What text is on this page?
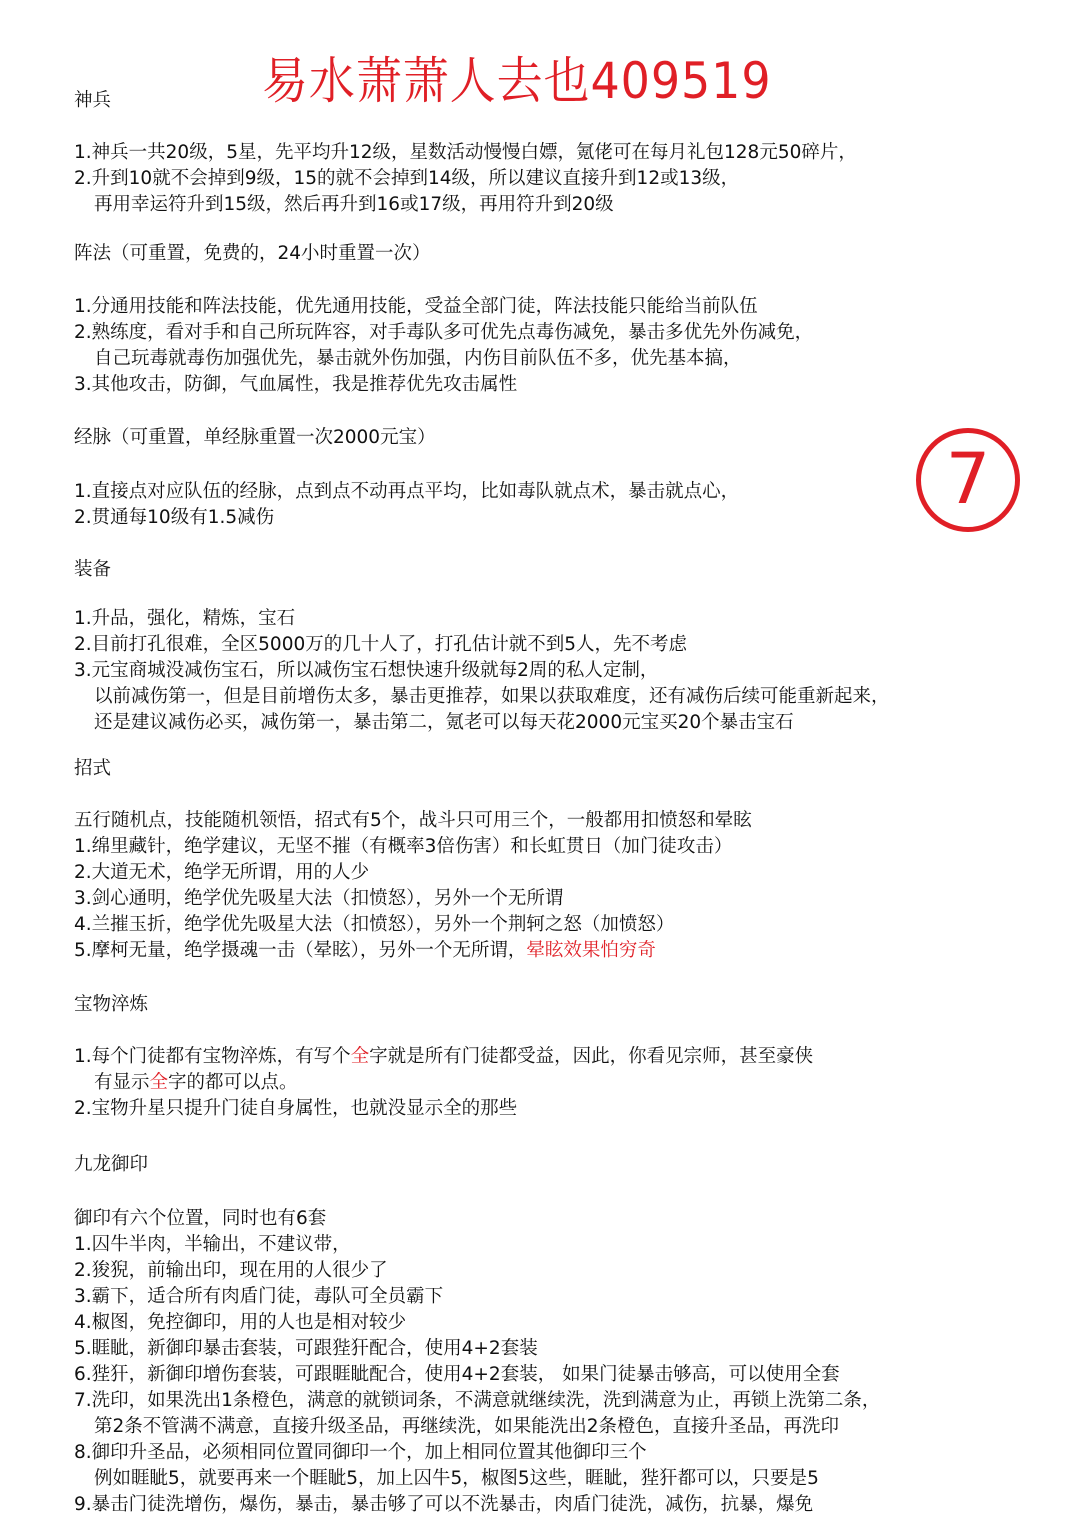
易水萧萧人去也409519
7
神兵
1.神兵一共20级，5星，先平均升12级，星数活动慢慢白嫖，氪佬可在每月礼包128元50碎片，
2.升到10就不会掉到9级，15的就不会掉到14级，所以建议直接升到12或13级，
再用幸运符升到15级，然后再升到16或17级，再用符升到20级
阵法（可重置，免费的，24小时重置一次）
1.分通用技能和阵法技能，优先通用技能，受益全部门徒，阵法技能只能给当前队伍
2.熟练度，看对手和自己所玩阵容，对手毒队多可优先点毒伤减免，暴击多优先外伤减免，
自己玩毒就毒伤加强优先，暴击就外伤加强，内伤目前队伍不多，优先基本搞，
3.其他攻击，防御，气血属性，我是推荐优先攻击属性
经脉（可重置，单经脉重置一次2000元宝）
1.直接点对应队伍的经脉，点到点不动再点平均，比如毒队就点术，暴击就点心，
2.贯通每10级有1.5减伤
装备
1.升品，强化，精炼，宝石
2.目前打孔很难，全区5000万的几十人了，打孔估计就不到5人，先不考虑
3.元宝商城没减伤宝石，所以减伤宝石想快速升级就每2周的私人定制，
以前减伤第一，但是目前增伤太多，暴击更推荐，如果以获取难度，还有减伤后续可能重新起来，
还是建议减伤必买，减伤第一，暴击第二，氪老可以每天花2000元宝买20个暴击宝石
招式
五行随机点，技能随机领悟，招式有5个，战斗只可用三个，一般都用扣愤怒和晕眩
1.绵里藏针，绝学建议，无坚不摧（有概率3倍伤害）和长虹贯日（加门徒攻击）
2.大道无术，绝学无所谓，用的人少
3.剑心通明，绝学优先吸星大法（扣愤怒），另外一个无所谓
4.兰摧玉折，绝学优先吸星大法（扣愤怒），另外一个荆轲之怒（加愤怒）
5.摩柯无量，绝学摄魂一击（晕眩），另外一个无所谓，晕眩效果怕穷奇
宝物淬炼
1.每个门徒都有宝物淬炼，有写个全字就是所有门徒都受益，因此，你看见宗师，甚至豪侠
有显示全字的都可以点。
2.宝物升星只提升门徒自身属性，也就没显示全的那些
九龙御印
御印有六个位置，同时也有6套
1.囚牛半肉，半输出，不建议带，
2.狻猊，前输出印，现在用的人很少了
3.霸下，适合所有肉盾门徒，毒队可全员霸下
4.椒图，免控御印，用的人也是相对较少
5.睚眦，新御印暴击套装，可跟狴犴配合，使用4+2套装
6.狴犴，新御印增伤套装，可跟睚眦配合，使用4+2套装， 如果门徒暴击够高，可以使用全套
7.洗印，如果洗出1条橙色，满意的就锁词条，不满意就继续洗，洗到满意为止，再锁上洗第二条，
第2条不管满不满意，直接升级圣品，再继续洗，如果能洗出2条橙色，直接升圣品，再洗印
8.御印升圣品，必须相同位置同御印一个，加上相同位置其他御印三个
例如睚眦5，就要再来一个睚眦5，加上囚牛5，椒图5这些，睚眦，狴犴都可以，只要是5
9.暴击门徒洗增伤，爆伤，暴击，暴击够了可以不洗暴击，肉盾门徒洗，减伤，抗暴，爆免
